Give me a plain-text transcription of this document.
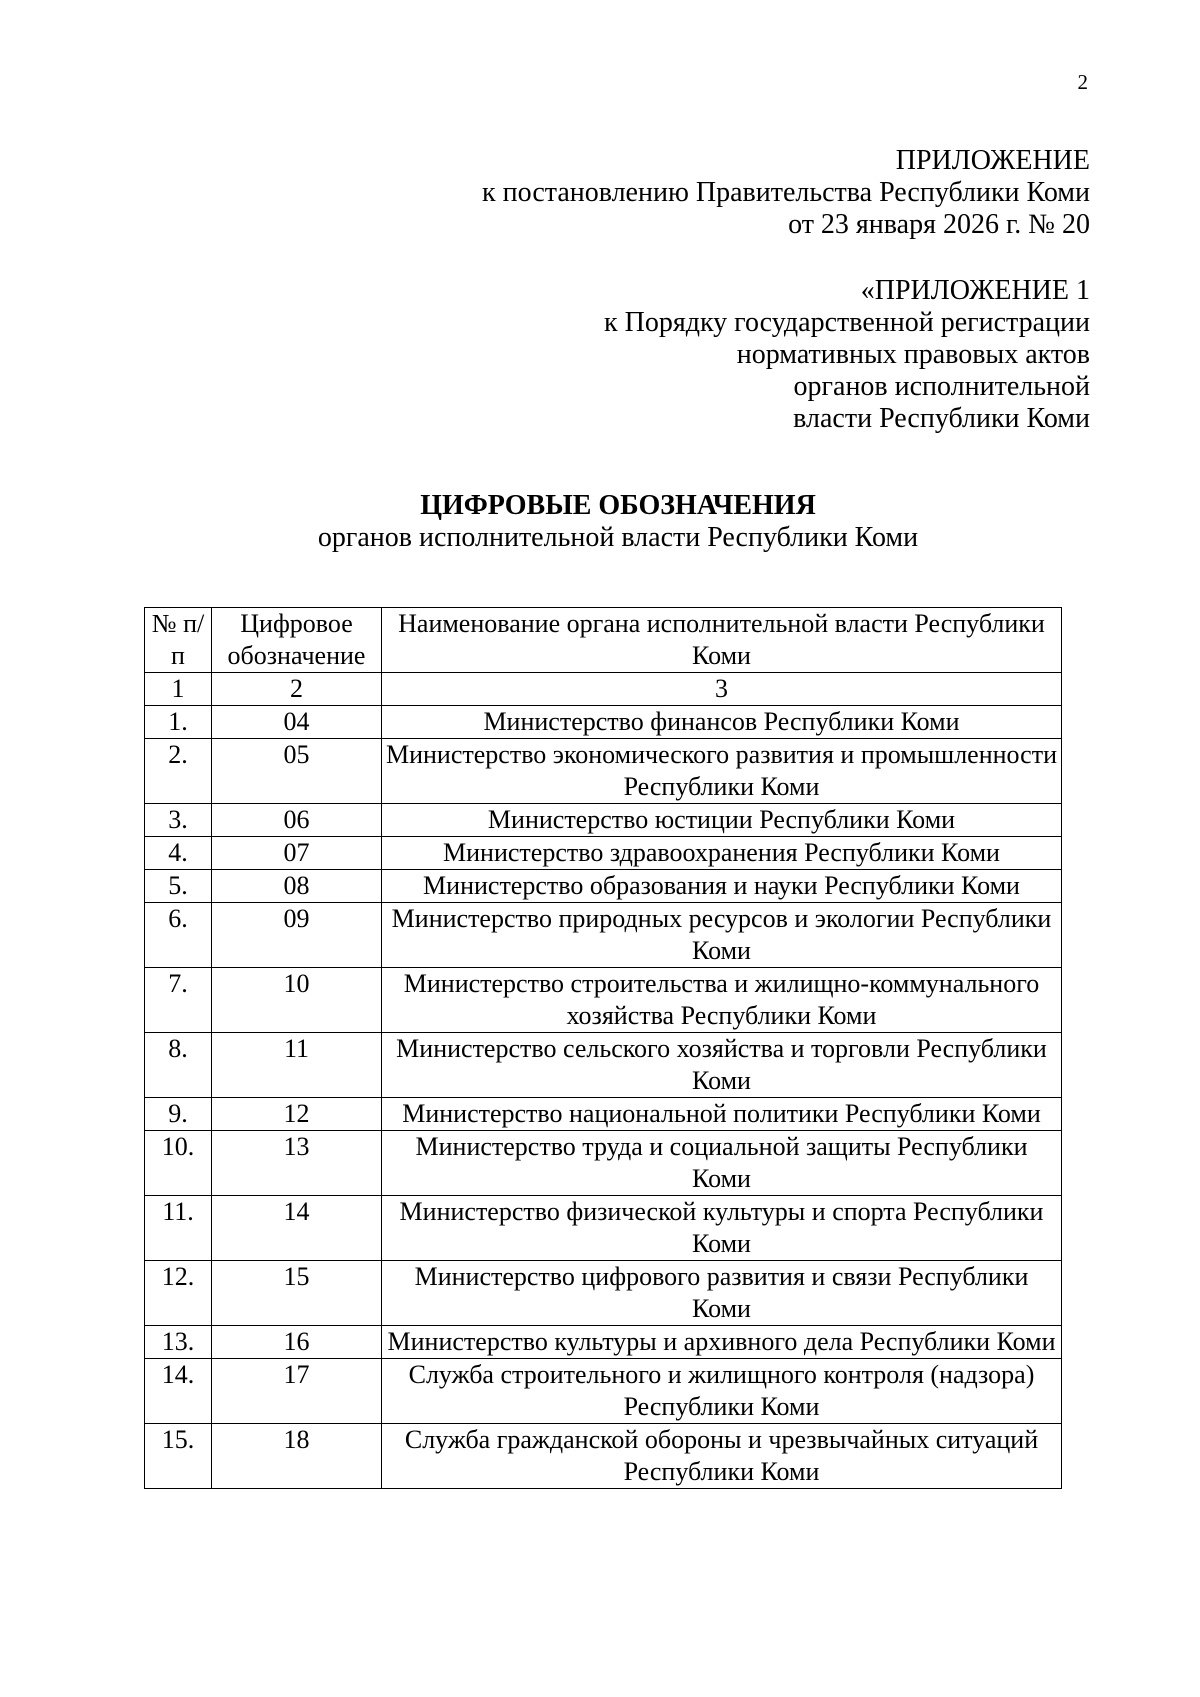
2
ПРИЛОЖЕНИЕ
к постановлению Правительства Республики Коми
от 23 января 2026 г. № 20
«ПРИЛОЖЕНИЕ 1
к Порядку государственной регистрации
нормативных правовых актов
органов исполнительной
власти Республики Коми
ЦИФРОВЫЕ ОБОЗНАЧЕНИЯ
органов исполнительной власти Республики Коми
№ п/п	Цифровое обозначение	Наименование органа исполнительной власти Республики Коми
1	2	3
1.	04	Министерство финансов Республики Коми
2.	05	Министерство экономического развития и промышленности Республики Коми
3.	06	Министерство юстиции Республики Коми
4.	07	Министерство здравоохранения Республики Коми
5.	08	Министерство образования и науки Республики Коми
6.	09	Министерство природных ресурсов и экологии Республики Коми
7.	10	Министерство строительства и жилищно-коммунального хозяйства Республики Коми
8.	11	Министерство сельского хозяйства и торговли Республики Коми
9.	12	Министерство национальной политики Республики Коми
10.	13	Министерство труда и социальной защиты Республики Коми
11.	14	Министерство физической культуры и спорта Республики Коми
12.	15	Министерство цифрового развития и связи Республики Коми
13.	16	Министерство культуры и архивного дела Республики Коми
14.	17	Служба строительного и жилищного контроля (надзора) Республики Коми
15.	18	Служба гражданской обороны и чрезвычайных ситуаций Республики Коми
